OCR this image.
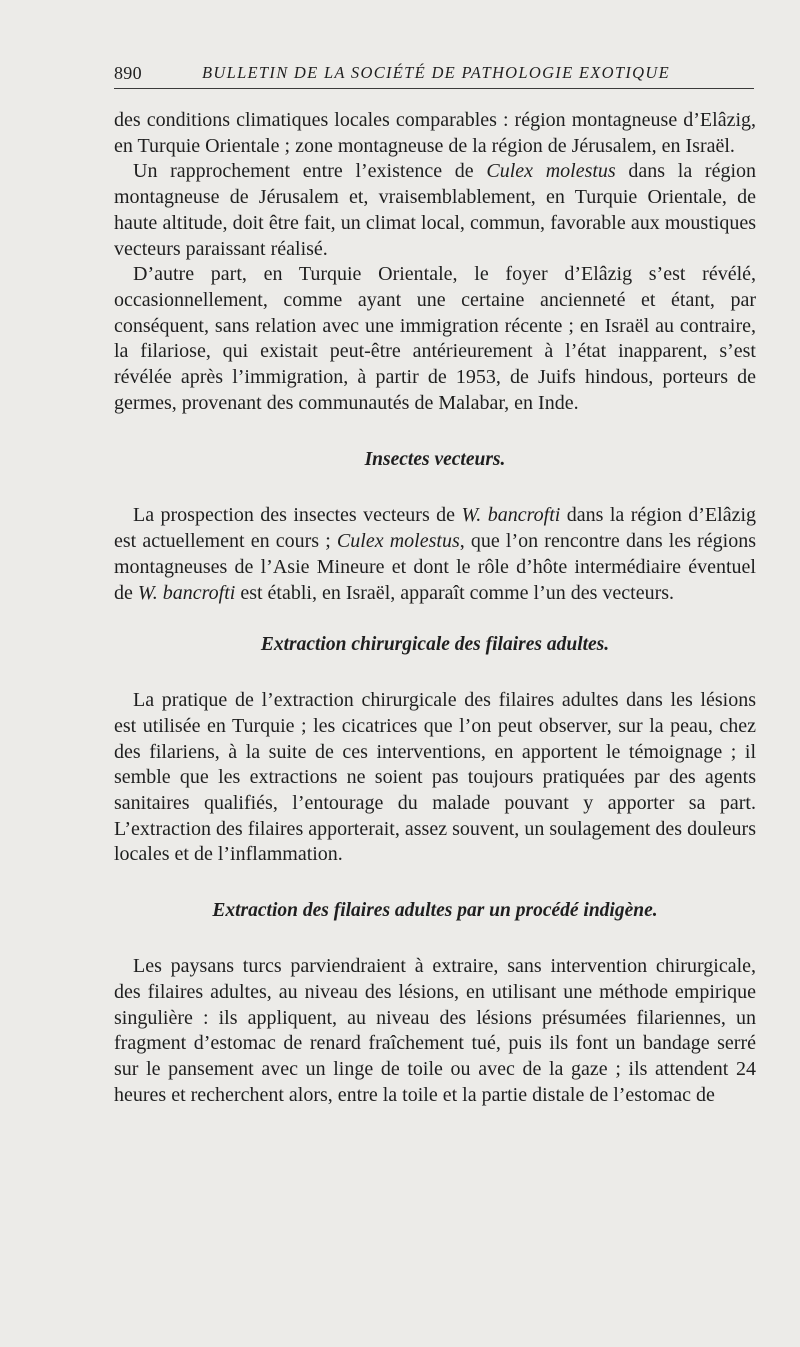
890	BULLETIN DE LA SOCIÉTÉ DE PATHOLOGIE EXOTIQUE

des conditions climatiques locales comparables : région montagneuse d’Elâzig, en Turquie Orientale ; zone montagneuse de la région de Jérusalem, en Israël.

Un rapprochement entre l’existence de Culex molestus dans la région montagneuse de Jérusalem et, vraisemblablement, en Turquie Orientale, de haute altitude, doit être fait, un climat local, commun, favorable aux moustiques vecteurs paraissant réalisé.

D’autre part, en Turquie Orientale, le foyer d’Elâzig s’est révélé, occasionnellement, comme ayant une certaine ancienneté et étant, par conséquent, sans relation avec une immigration récente ; en Israël au contraire, la filariose, qui existait peut-être antérieurement à l’état inapparent, s’est révélée après l’immigration, à partir de 1953, de Juifs hindous, porteurs de germes, provenant des communautés de Malabar, en Inde.

Insectes vecteurs.

La prospection des insectes vecteurs de W. bancrofti dans la région d’Elâzig est actuellement en cours ; Culex molestus, que l’on rencontre dans les régions montagneuses de l’Asie Mineure et dont le rôle d’hôte intermédiaire éventuel de W. bancrofti est établi, en Israël, apparaît comme l’un des vecteurs.

Extraction chirurgicale des filaires adultes.

La pratique de l’extraction chirurgicale des filaires adultes dans les lésions est utilisée en Turquie ; les cicatrices que l’on peut observer, sur la peau, chez des filariens, à la suite de ces interventions, en apportent le témoignage ; il semble que les extractions ne soient pas toujours pratiquées par des agents sanitaires qualifiés, l’entourage du malade pouvant y apporter sa part. L’extraction des filaires apporterait, assez souvent, un soulagement des douleurs locales et de l’inflammation.

Extraction des filaires adultes par un procédé indigène.

Les paysans turcs parviendraient à extraire, sans intervention chirurgicale, des filaires adultes, au niveau des lésions, en utilisant une méthode empirique singulière : ils appliquent, au niveau des lésions présumées filariennes, un fragment d’estomac de renard fraîchement tué, puis ils font un bandage serré sur le pansement avec un linge de toile ou avec de la gaze ; ils attendent 24 heures et recherchent alors, entre la toile et la partie distale de l’estomac de
